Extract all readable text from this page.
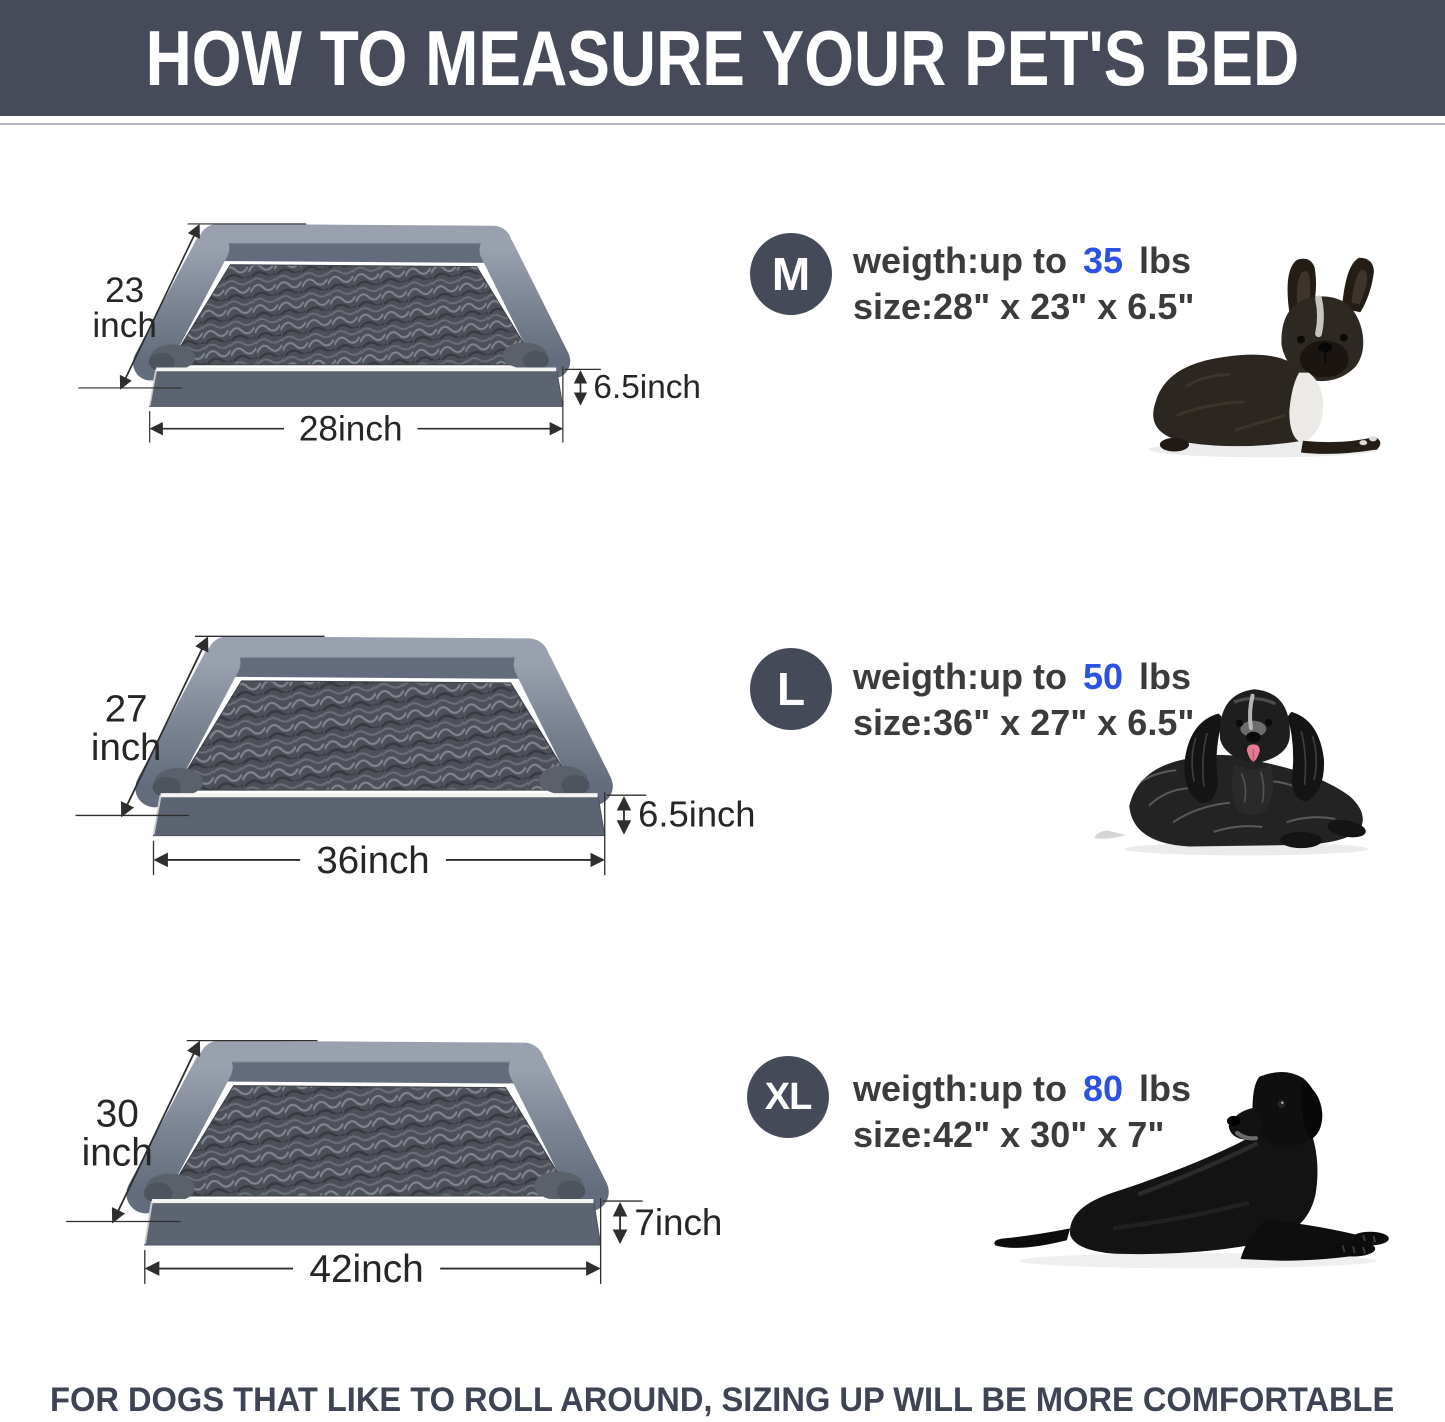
HOW TO MEASURE YOUR PET'S BED
23
inch
28inch
6.5inch
M weigth:up to 35 lbs
size:28" x 23" x 6.5"
27
inch
36inch
6.5inch
L weigth:up to 50 lbs
size:36" x 27" x 6.5"
30
inch
42inch
7inch
XL weigth:up to 80 lbs
size:42" x 30" x 7"
FOR DOGS THAT LIKE TO ROLL AROUND, SIZING UP WILL BE MORE COMFORTABLE
